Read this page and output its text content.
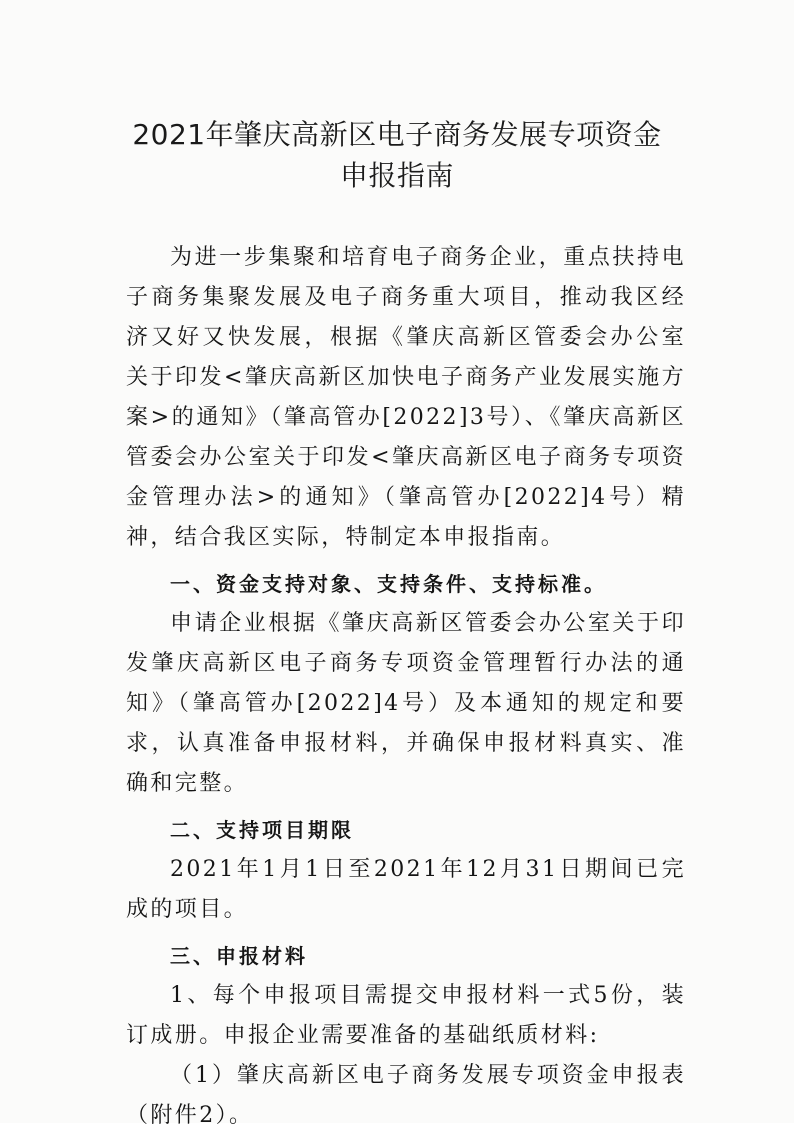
2021年肇庆高新区电子商务发展专项资金
申报指南

为进一步集聚和培育电子商务企业，重点扶持电子商务集聚发展及电子商务重大项目，推动我区经济又好又快发展，根据《肇庆高新区管委会办公室关于印发<肇庆高新区加快电子商务产业发展实施方案>的通知》（肇高管办[2022]3号）、《肇庆高新区管委会办公室关于印发<肇庆高新区电子商务专项资金管理办法>的通知》（肇高管办[2022]4号）精神，结合我区实际，特制定本申报指南。

一、资金支持对象、支持条件、支持标准。

申请企业根据《肇庆高新区管委会办公室关于印发肇庆高新区电子商务专项资金管理暂行办法的通知》（肇高管办[2022]4号）及本通知的规定和要求，认真准备申报材料，并确保申报材料真实、准确和完整。

二、支持项目期限

2021年1月1日至2021年12月31日期间已完成的项目。

三、申报材料

1、每个申报项目需提交申报材料一式5份，装订成册。申报企业需要准备的基础纸质材料:

（1）肇庆高新区电子商务发展专项资金申报表（附件2）。
